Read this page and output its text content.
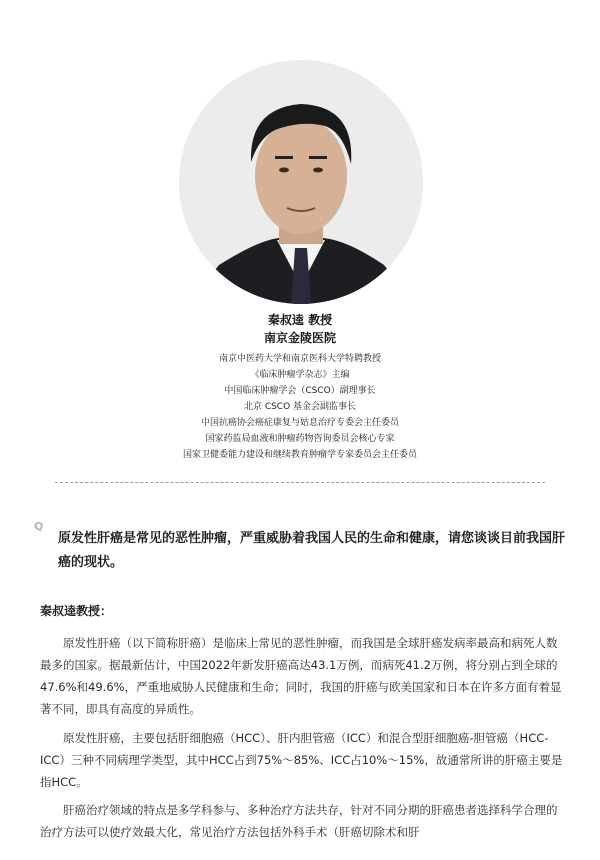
秦叔逵 教授
南京金陵医院
南京中医药大学和南京医科大学特聘教授
《临床肿瘤学杂志》主编
中国临床肿瘤学会（CSCO）副理事长
北京 CSCO 基金会副监事长
中国抗癌协会癌症康复与姑息治疗专委会主任委员
国家药监局血液和肿瘤药物咨询委员会核心专家
国家卫健委能力建设和继续教育肿瘤学专家委员会主任委员
Q
原发性肝癌是常见的恶性肿瘤，严重威胁着我国人民的生命和健康，请您谈谈目前我国肝癌的现状。
秦叔逵教授：

原发性肝癌（以下简称肝癌）是临床上常见的恶性肿瘤，而我国是全球肝癌发病率最高和病死人数最多的国家。据最新估计，中国2022年新发肝癌高达43.1万例，而病死41.2万例，将分别占到全球的47.6%和49.6%，严重地威胁人民健康和生命；同时，我国的肝癌与欧美国家和日本在许多方面有着显著不同，即具有高度的异质性。

原发性肝癌，主要包括肝细胞癌（HCC）、肝内胆管癌（ICC）和混合型肝细胞癌-胆管癌（HCC-ICC）三种不同病理学类型，其中HCC占到75%～85%、ICC占10%～15%，故通常所讲的肝癌主要是指HCC。

肝癌治疗领域的特点是多学科参与、多种治疗方法共存，针对不同分期的肝癌患者选择科学合理的治疗方法可以使疗效最大化，常见治疗方法包括外科手术（肝癌切除术和肝
